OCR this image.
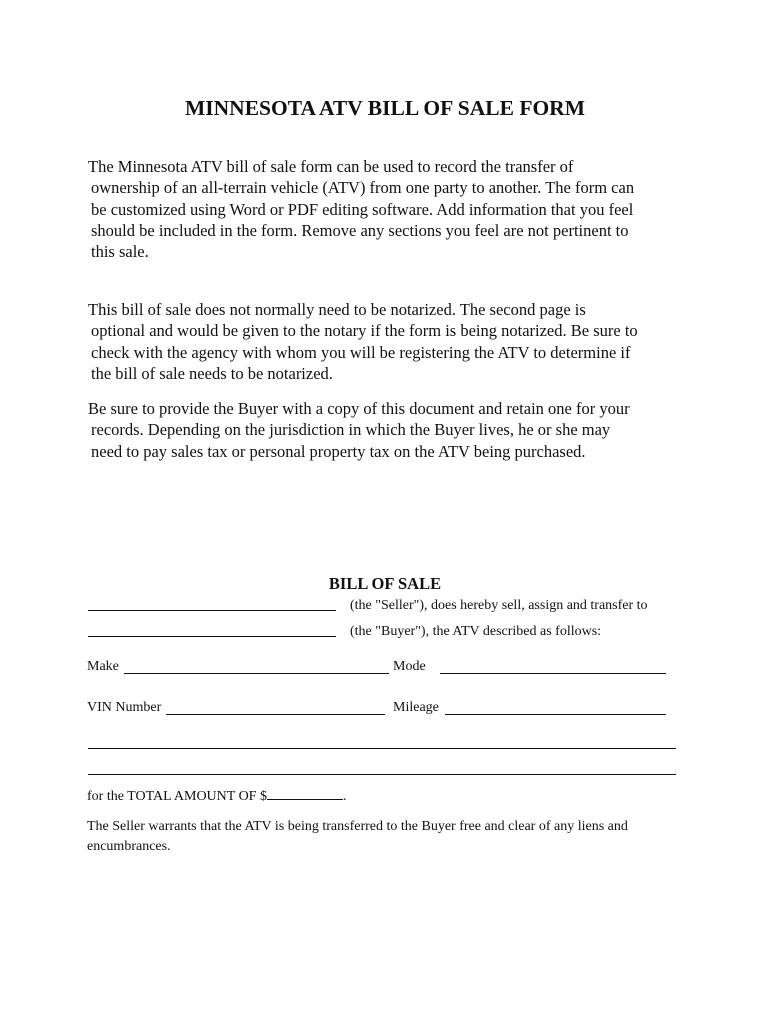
MINNESOTA ATV BILL OF SALE FORM

The Minnesota ATV bill of sale form can be used to record the transfer of
ownership of an all-terrain vehicle (ATV) from one party to another. The form can
be customized using Word or PDF editing software. Add information that you feel
should be included in the form. Remove any sections you feel are not pertinent to
this sale.

This bill of sale does not normally need to be notarized. The second page is
optional and would be given to the notary if the form is being notarized. Be sure to
check with the agency with whom you will be registering the ATV to determine if
the bill of sale needs to be notarized.

Be sure to provide the Buyer with a copy of this document and retain one for your
records. Depending on the jurisdiction in which the Buyer lives, he or she may
need to pay sales tax or personal property tax on the ATV being purchased.

BILL OF SALE
(the "Seller"), does hereby sell, assign and transfer to
(the "Buyer"), the ATV described as follows:
Make	Mode
VIN Number	Mileage
for the TOTAL AMOUNT OF $	.
The Seller warrants that the ATV is being transferred to the Buyer free and clear of any liens and
encumbrances.
